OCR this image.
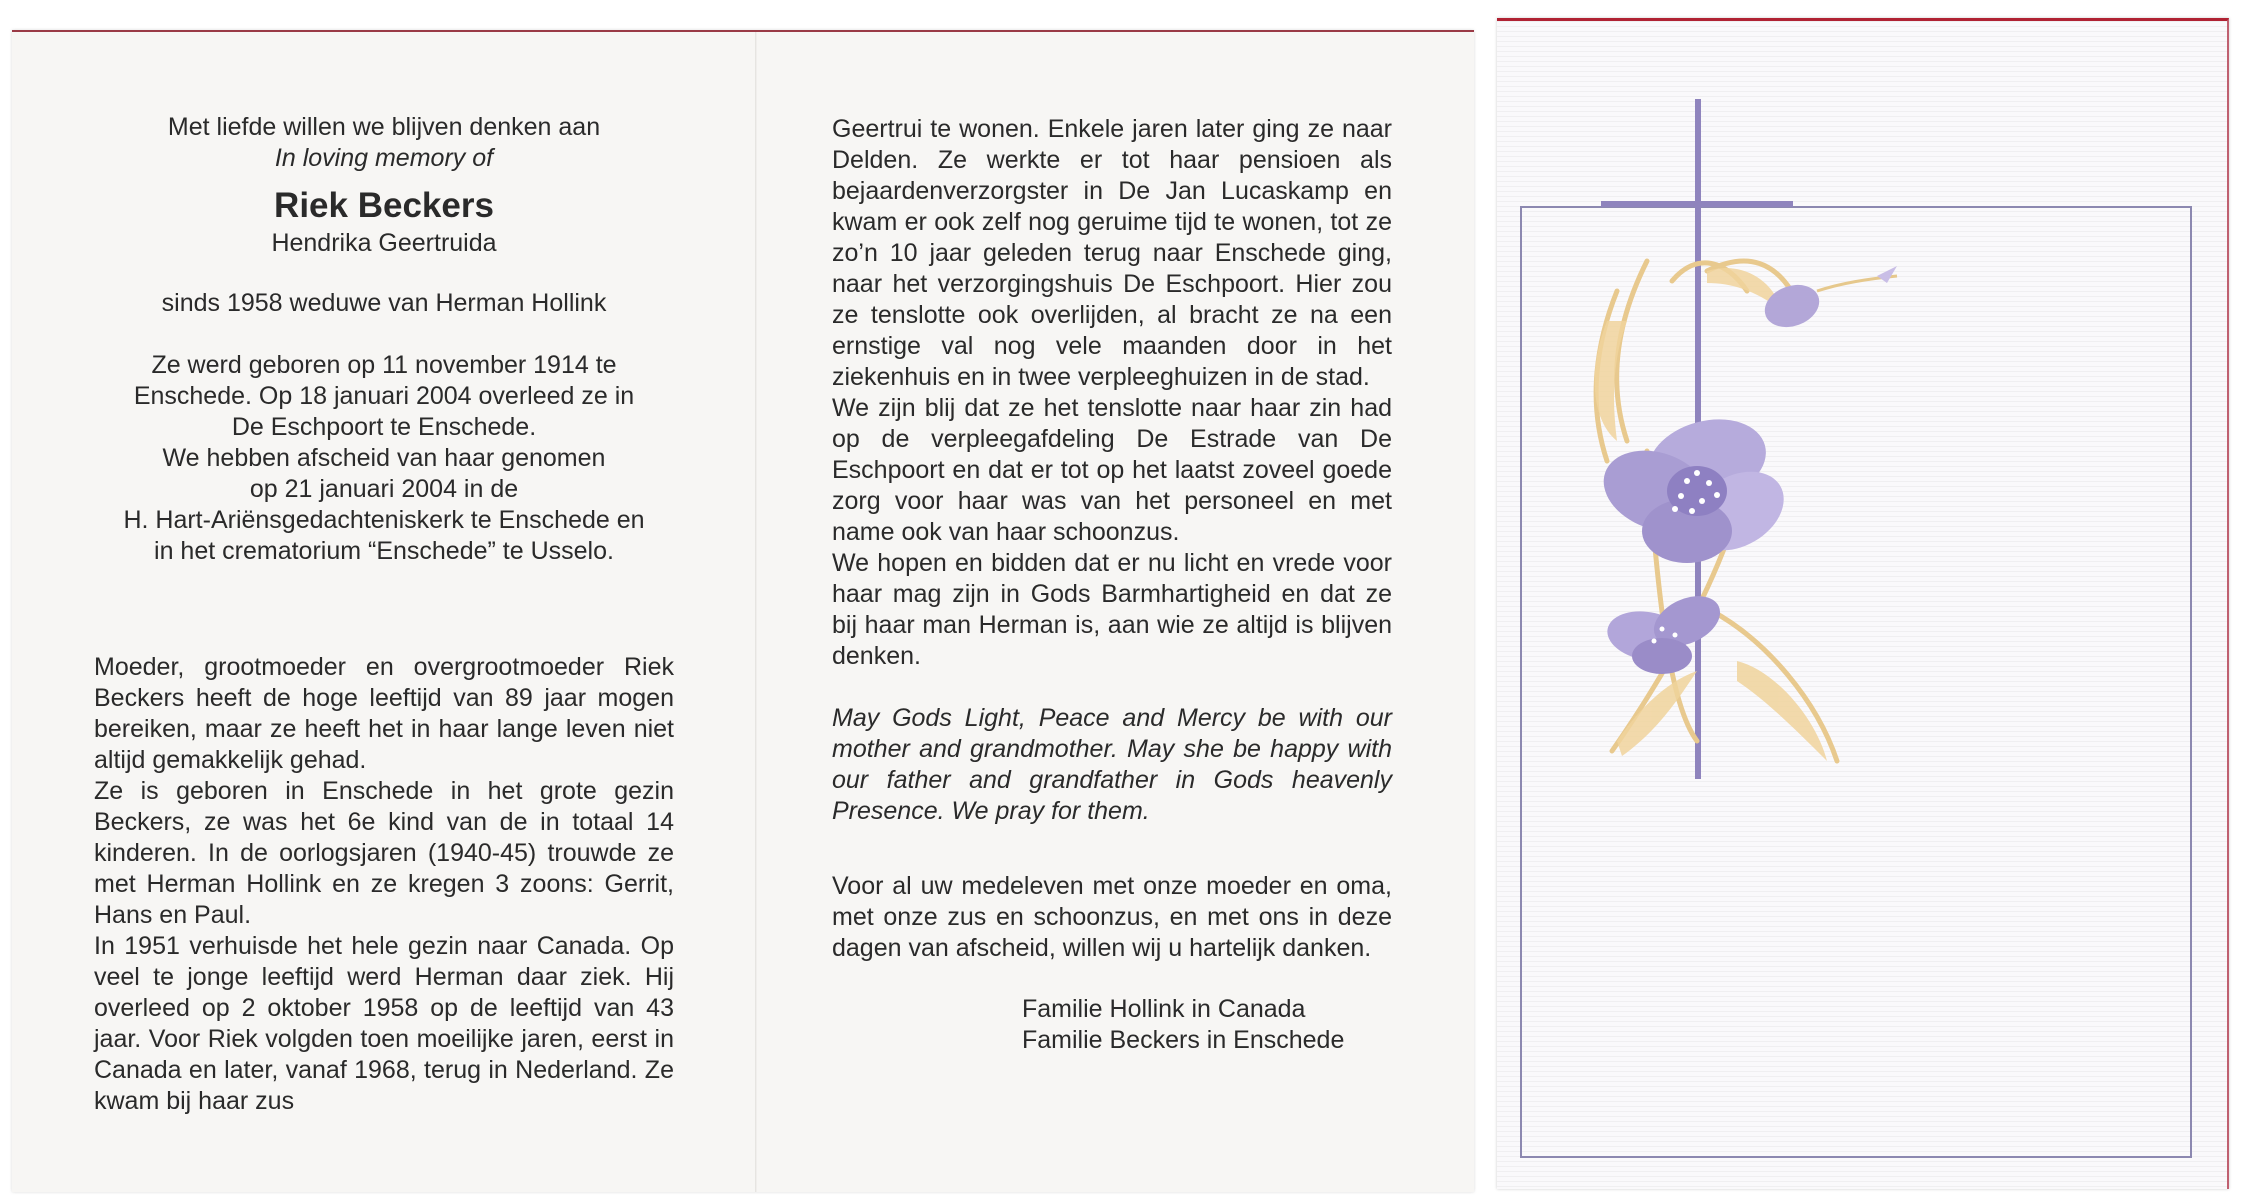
Met liefde willen we blijven denken aan

In loving memory of

Riek Beckers

Hendrika Geertruida

sinds 1958 weduwe van Herman Hollink

Ze werd geboren op 11 november 1914 te

Enschede. Op 18 januari 2004 overleed ze in

De Eschpoort te Enschede.

We hebben afscheid van haar genomen

op 21 januari 2004 in de

H. Hart-Ariënsgedachteniskerk te Enschede en

in het crematorium “Enschede” te Usselo.

Moeder, grootmoeder en overgrootmoeder Riek Beckers heeft de hoge leeftijd van 89 jaar mogen bereiken, maar ze heeft het in haar lange leven niet altijd gemakkelijk gehad.

Ze is geboren in Enschede in het grote gezin Beckers, ze was het 6e kind van de in totaal 14 kinderen. In de oorlogsjaren (1940-45) trouwde ze met Herman Hollink en ze kregen 3 zoons: Gerrit, Hans en Paul.

In 1951 verhuisde het hele gezin naar Canada. Op veel te jonge leeftijd werd Herman daar ziek. Hij overleed op 2 oktober 1958 op de leeftijd van 43 jaar. Voor Riek volgden toen moeilijke jaren, eerst in Canada en later, vanaf 1968, terug in Nederland. Ze kwam bij haar zus

Geertrui te wonen. Enkele jaren later ging ze naar Delden. Ze werkte er tot haar pensioen als bejaardenverzorgster in De Jan Lucaskamp en kwam er ook zelf nog geruime tijd te wonen, tot ze zo’n 10 jaar geleden terug naar Enschede ging, naar het verzorgingshuis De Eschpoort. Hier zou ze tenslotte ook overlijden, al bracht ze na een ernstige val nog vele maanden door in het ziekenhuis en in twee verpleeghuizen in de stad.

We zijn blij dat ze het tenslotte naar haar zin had op de verpleegafdeling De Estrade van De Eschpoort en dat er tot op het laatst zoveel goede zorg voor haar was van het personeel en met name ook van haar schoonzus.

We hopen en bidden dat er nu licht en vrede voor haar mag zijn in Gods Barmhartigheid en dat ze bij haar man Herman is, aan wie ze altijd is blijven denken.

May Gods Light, Peace and Mercy be with our mother and grandmother. May she be happy with our father and grandfather in Gods heavenly Presence. We pray for them.

Voor al uw medeleven met onze moeder en oma, met onze zus en schoonzus, en met ons in deze dagen van afscheid, willen wij u hartelijk danken.

Familie Hollink in Canada

Familie Beckers in Enschede
